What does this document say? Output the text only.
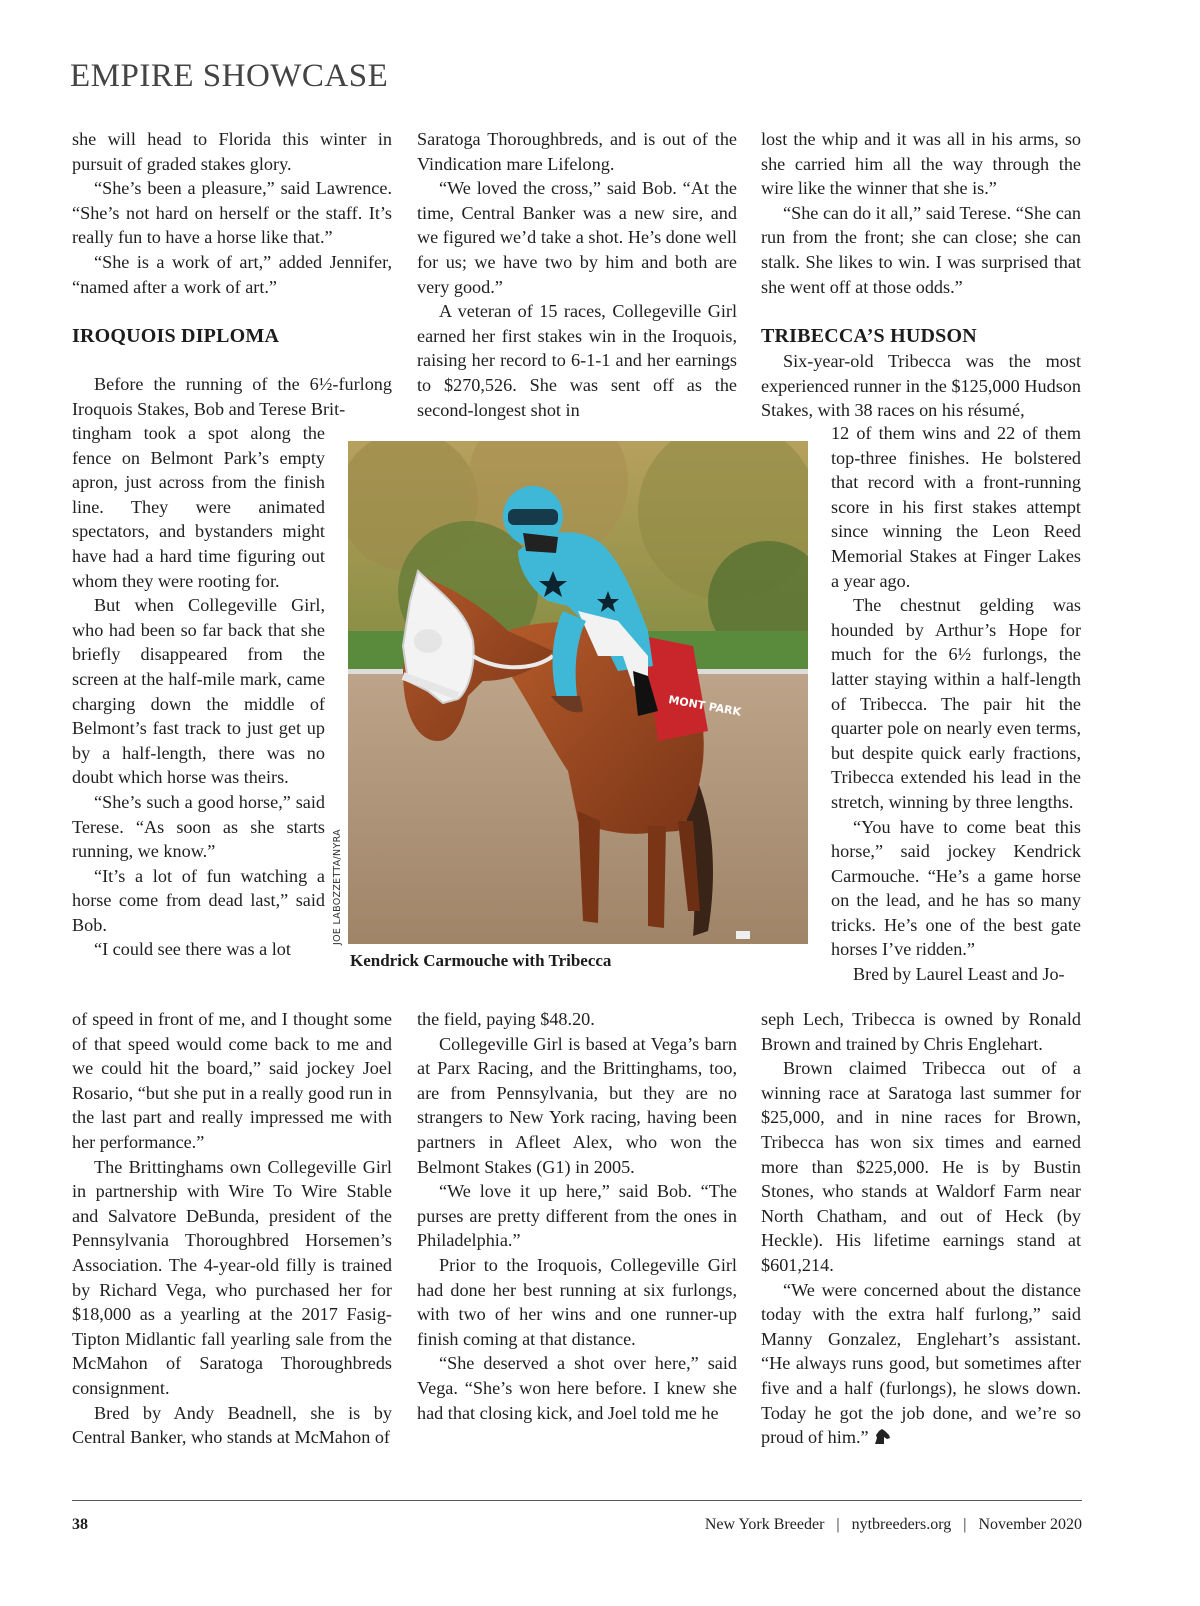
EMPIRE SHOWCASE

she will head to Florida this winter in pursuit of graded stakes glory.

“She’s been a pleasure,” said Lawrence. “She’s not hard on herself or the staff. It’s really fun to have a horse like that.”

“She is a work of art,” added Jennifer, “named after a work of art.”

IROQUOIS DIPLOMA

Before the running of the 6½-furlong Iroquois Stakes, Bob and Terese Brit-

tingham took a spot along the fence on Belmont Park’s empty apron, just across from the finish line. They were animated spectators, and bystanders might have had a hard time figuring out whom they were rooting for.

But when Collegeville Girl, who had been so far back that she briefly disappeared from the screen at the half-mile mark, came charging down the middle of Belmont’s fast track to just get up by a half-length, there was no doubt which horse was theirs.

“She’s such a good horse,” said Terese. “As soon as she starts running, we know.”

“It’s a lot of fun watching a horse come from dead last,” said Bob.

“I could see there was a lot

of speed in front of me, and I thought some of that speed would come back to me and we could hit the board,” said jockey Joel Rosario, “but she put in a really good run in the last part and really impressed me with her performance.”

The Brittinghams own Collegeville Girl in partnership with Wire To Wire Stable and Salvatore DeBunda, president of the Pennsylvania Thoroughbred Horsemen’s Association. The 4-year-old filly is trained by Richard Vega, who purchased her for $18,000 as a yearling at the 2017 Fasig-Tipton Midlantic fall yearling sale from the McMahon of Saratoga Thoroughbreds consignment.

Bred by Andy Beadnell, she is by Central Banker, who stands at McMahon of

Saratoga Thoroughbreds, and is out of the Vindication mare Lifelong.

“We loved the cross,” said Bob. “At the time, Central Banker was a new sire, and we figured we’d take a shot. He’s done well for us; we have two by him and both are very good.”

A veteran of 15 races, Collegeville Girl earned her first stakes win in the Iroquois, raising her record to 6-1-1 and her earnings to $270,526. She was sent off as the second-longest shot in

the field, paying $48.20.

Collegeville Girl is based at Vega’s barn at Parx Racing, and the Brittinghams, too, are from Pennsylvania, but they are no strangers to New York racing, having been partners in Afleet Alex, who won the Belmont Stakes (G1) in 2005.

“We love it up here,” said Bob. “The purses are pretty different from the ones in Philadelphia.”

Prior to the Iroquois, Collegeville Girl had done her best running at six furlongs, with two of her wins and one runner-up finish coming at that distance.

“She deserved a shot over here,” said Vega. “She’s won here before. I knew she had that closing kick, and Joel told me he

lost the whip and it was all in his arms, so she carried him all the way through the wire like the winner that she is.”

“She can do it all,” said Terese. “She can run from the front; she can close; she can stalk. She likes to win. I was surprised that she went off at those odds.”

TRIBECCA’S HUDSON

Six-year-old Tribecca was the most experienced runner in the $125,000 Hudson Stakes, with 38 races on his résumé,

12 of them wins and 22 of them top-three finishes. He bolstered that record with a front-running score in his first stakes attempt since winning the Leon Reed Memorial Stakes at Finger Lakes a year ago.

The chestnut gelding was hounded by Arthur’s Hope for much for the 6½ furlongs, the latter staying within a half-length of Tribecca. The pair hit the quarter pole on nearly even terms, but despite quick early fractions, Tribecca extended his lead in the stretch, winning by three lengths.

“You have to come beat this horse,” said jockey Kendrick Carmouche. “He’s a game horse on the lead, and he has so many tricks. He’s one of the best gate horses I’ve ridden.”

Bred by Laurel Least and Jo-

seph Lech, Tribecca is owned by Ronald Brown and trained by Chris Englehart.

Brown claimed Tribecca out of a winning race at Saratoga last summer for $25,000, and in nine races for Brown, Tribecca has won six times and earned more than $225,000. He is by Bustin Stones, who stands at Waldorf Farm near North Chatham, and out of Heck (by Heckle). His lifetime earnings stand at $601,214.

“We were concerned about the distance today with the extra half furlong,” said Manny Gonzalez, Englehart’s assistant. “He always runs good, but sometimes after five and a half (furlongs), he slows down. Today he got the job done, and we’re so proud of him.”

MONT PARK
JOE LABOZZETTA/NYRA
Kendrick Carmouche with Tribecca
38	New York Breeder | nytbreeders.org | November 2020
